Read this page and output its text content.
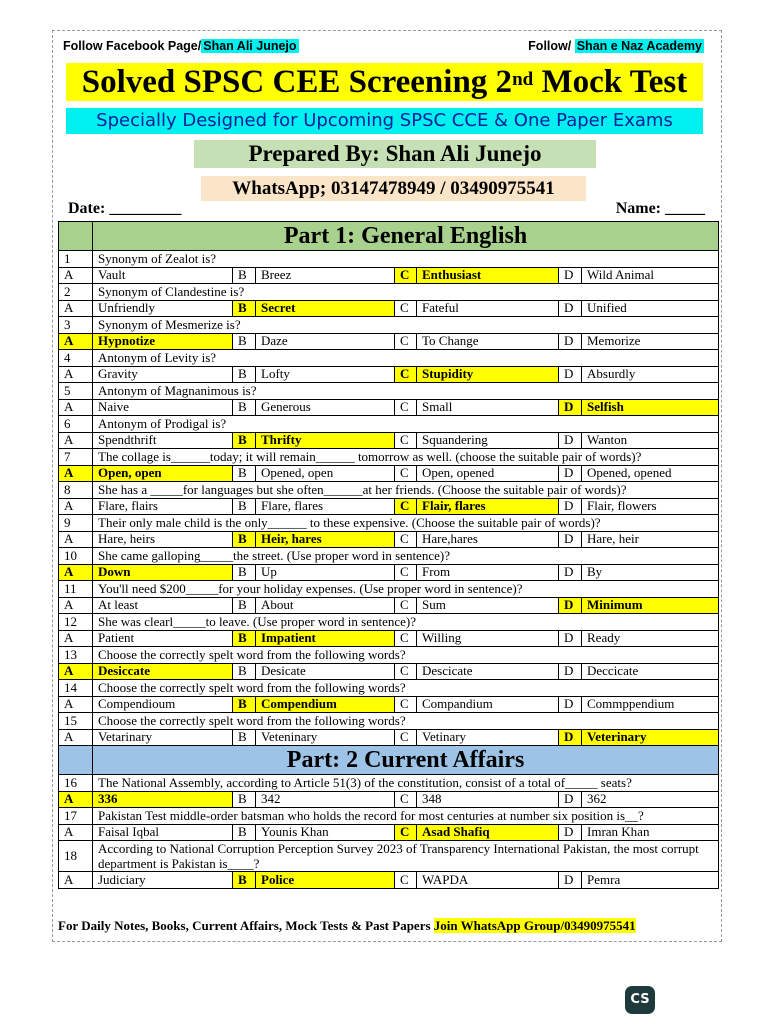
Follow Facebook Page/ Shan Ali Junejo	Follow/ Shan e Naz Academy
Solved SPSC CEE Screening 2nd Mock Test
Specially Designed for Upcoming SPSC CCE & One Paper Exams
Prepared By: Shan Ali Junejo
WhatsApp; 03147478949 / 03490975541
Date: _________	Name: _____
	Part 1: General English						
1	Synonym of Zealot is?						
A	Vault	B	Breez	C	Enthusiast	D	Wild Animal
2	Synonym of Clandestine is?						
A	Unfriendly	B	Secret	C	Fateful	D	Unified
3	Synonym of Mesmerize is?						
A	Hypnotize	B	Daze	C	To Change	D	Memorize
4	Antonym of Levity is?						
A	Gravity	B	Lofty	C	Stupidity	D	Absurdly
5	Antonym of Magnanimous is?						
A	Naive	B	Generous	C	Small	D	Selfish
6	Antonym of Prodigal is?						
A	Spendthrift	B	Thrifty	C	Squandering	D	Wanton
7	The collage is______today; it will remain______ tomorrow as well. (choose the suitable pair of words)?						
A	Open, open	B	Opened, open	C	Open, opened	D	Opened, opened
8	She has a _____for languages but she often______at her friends. (Choose the suitable pair of words)?						
A	Flare, flairs	B	Flare, flares	C	Flair, flares	D	Flair, flowers
9	Their only male child is the only______ to these expensive. (Choose the suitable pair of words)?						
A	Hare, heirs	B	Heir, hares	C	Hare,hares	D	Hare, heir
10	She came galloping_____the street. (Use proper word in sentence)?						
A	Down	B	Up	C	From	D	By
11	You'll need $200_____for your holiday expenses. (Use proper word in sentence)?						
A	At least	B	About	C	Sum	D	Minimum
12	She was clearl_____to leave. (Use proper word in sentence)?						
A	Patient	B	Impatient	C	Willing	D	Ready
13	Choose the correctly spelt word from the following words?						
A	Desiccate	B	Desicate	C	Descicate	D	Deccicate
14	Choose the correctly spelt word from the following words?						
A	Compendioum	B	Compendium	C	Compandium	D	Commppendium
15	Choose the correctly spelt word from the following words?						
A	Vetarinary	B	Veteninary	C	Vetinary	D	Veterinary
	Part: 2 Current Affairs						
16	The National Assembly, according to Article 51(3) of the constitution, consist of a total of_____ seats?						
A	336	B	342	C	348	D	362
17	Pakistan Test middle-order batsman who holds the record for most centuries at number six position is__?						
A	Faisal Iqbal	B	Younis Khan	C	Asad Shafiq	D	Imran Khan
18	According to National Corruption Perception Survey 2023 of Transparency International Pakistan, the most corrupt department is Pakistan is____?						
A	Judiciary	B	Police	C	WAPDA	D	Pemra
For Daily Notes, Books, Current Affairs, Mock Tests & Past Papers Join WhatsApp Group/03490975541
CS
